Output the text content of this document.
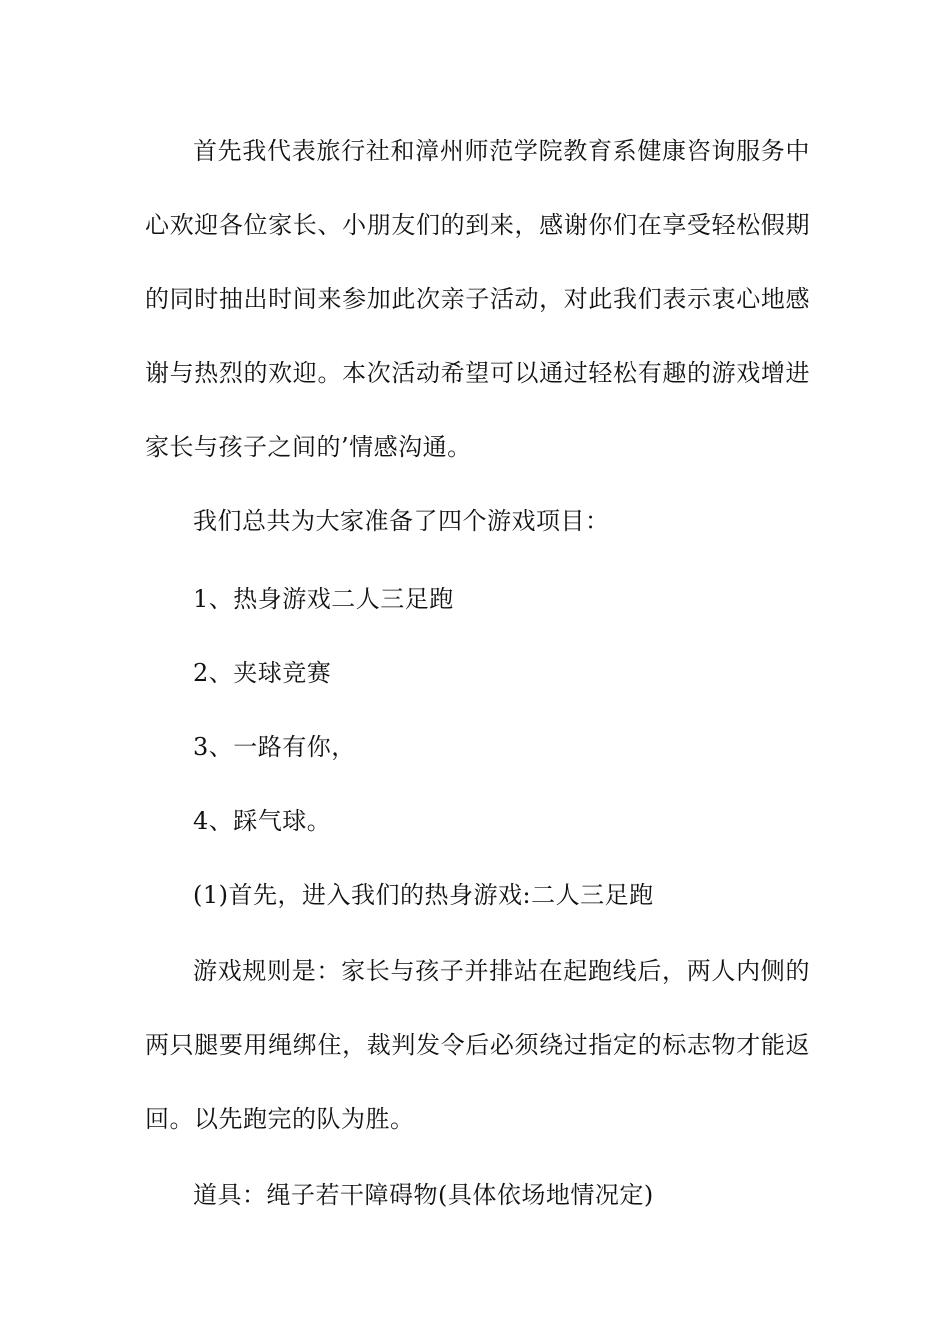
首先我代表旅行社和漳州师范学院教育系健康咨询服务中心欢迎各位家长、小朋友们的到来，感谢你们在享受轻松假期的同时抽出时间来参加此次亲子活动，对此我们表示衷心地感谢与热烈的欢迎。本次活动希望可以通过轻松有趣的游戏增进家长与孩子之间的’情感沟通。

我们总共为大家准备了四个游戏项目：

1、热身游戏二人三足跑

2、夹球竞赛

3、一路有你，

4、踩气球。

(1)首先，进入我们的热身游戏:二人三足跑

游戏规则是：家长与孩子并排站在起跑线后，两人内侧的两只腿要用绳绑住，裁判发令后必须绕过指定的标志物才能返回。以先跑完的队为胜。

道具：绳子若干障碍物(具体依场地情况定)
